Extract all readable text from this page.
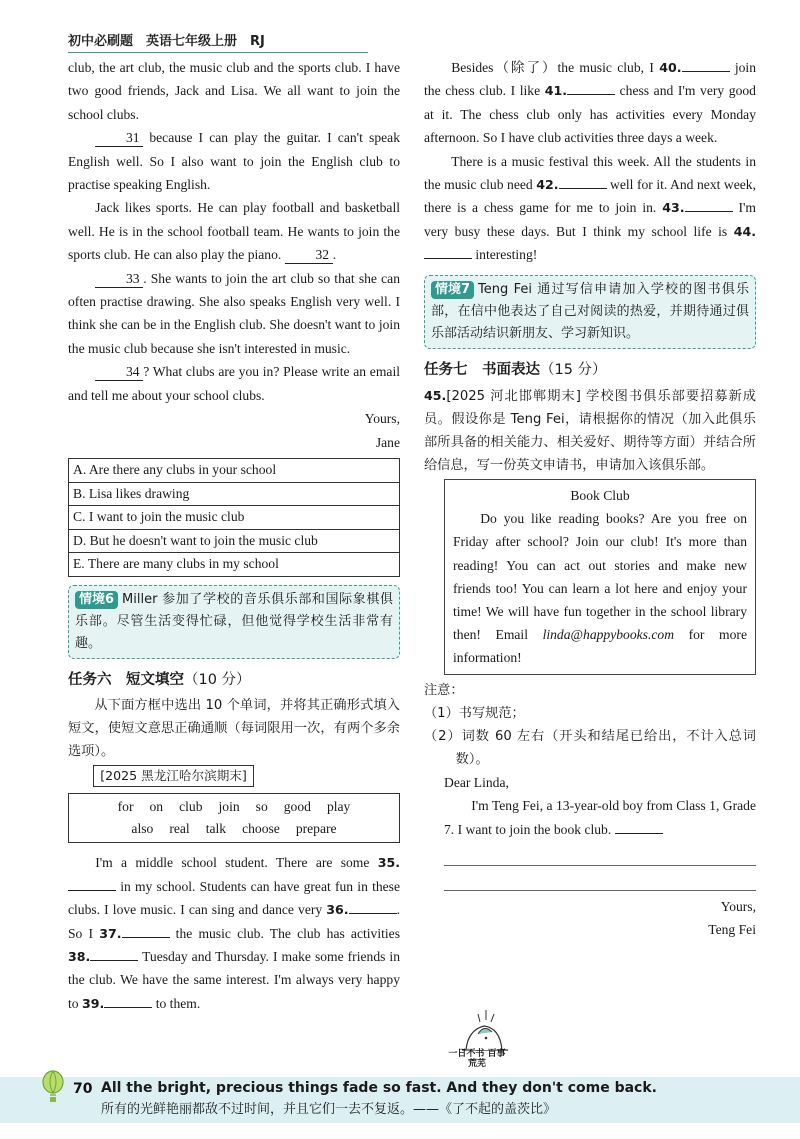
初中必刷题　英语七年级上册　RJ

club, the art club, the music club and the sports club. I have two good friends, Jack and Lisa. We all want to join the school clubs.

31 because I can play the guitar. I can't speak English well. So I also want to join the English club to practise speaking English.

Jack likes sports. He can play football and basketball well. He is in the school football team. He wants to join the sports club. He can also play the piano.	32 .

33 . She wants to join the art club so that she can often practise drawing. She also speaks English very well. I think she can be in the English club. She doesn't want to join the music club because she isn't interested in music.

34 ? What clubs are you in? Please write an email and tell me about your school clubs.

Yours,

Jane

A. Are there any clubs in your school
B. Lisa likes drawing
C. I want to join the music club
D. But he doesn't want to join the music club
E. There are many clubs in my school
情境6 Miller 参加了学校的音乐俱乐部和国际象棋俱乐部。尽管生活变得忙碌，但他觉得学校生活非常有趣。
任务六　短文填空（10 分）

从下面方框中选出 10 个单词，并将其正确形式填入短文，使短文意思正确通顺（每词限用一次，有两个多余选项）。

[2025 黑龙江哈尔滨期末]
for on club join so good play
also real talk choose prepare

I'm a middle school student. There are some 35. in my school. Students can have great fun in these clubs. I love music. I can sing and dance very 36.	. So I 37.	the music club. The club has activities 38.	Tuesday and Thursday. I make some friends in the club. We have the same interest. I'm always very happy to 39.	to them.

Besides（除了）the music club, I 40.	join the chess club. I like 41.	chess and I'm very good at it. The chess club only has activities every Monday afternoon. So I have club activities three days a week.

There is a music festival this week. All the students in the music club need 42.	well for it. And next week, there is a chess game for me to join in. 43.	I'm very busy these days. But I think my school life is 44. interesting!

情境7 Teng Fei 通过写信申请加入学校的图书俱乐部，在信中他表达了自己对阅读的热爱，并期待通过俱乐部活动结识新朋友、学习新知识。
任务七　书面表达（15 分）

45.[2025 河北邯郸期末] 学校图书俱乐部要招募新成员。假设你是 Teng Fei，请根据你的情况（加入此俱乐部所具备的相关能力、相关爱好、期待等方面）并结合所给信息，写一份英文申请书，申请加入该俱乐部。

Book Club

Do you like reading books? Are you free on Friday after school? Join our club! It's more than reading! You can act out stories and make new friends too! You can learn a lot here and enjoy your time! We will have fun together in the school library then! Email linda@happybooks.com for more information!

注意：

（1）书写规范；

（2）词数 60 左右（开头和结尾已给出，不计入总词数）。

Dear Linda,

I'm Teng Fei, a 13-year-old boy from Class 1, Grade 7. I want to join the book club.

Yours,

Teng Fei

一日不书 百事荒芜
70 All the bright, precious things fade so fast. And they don't come back.
所有的光鲜艳丽都敌不过时间，并且它们一去不复返。——《了不起的盖茨比》
